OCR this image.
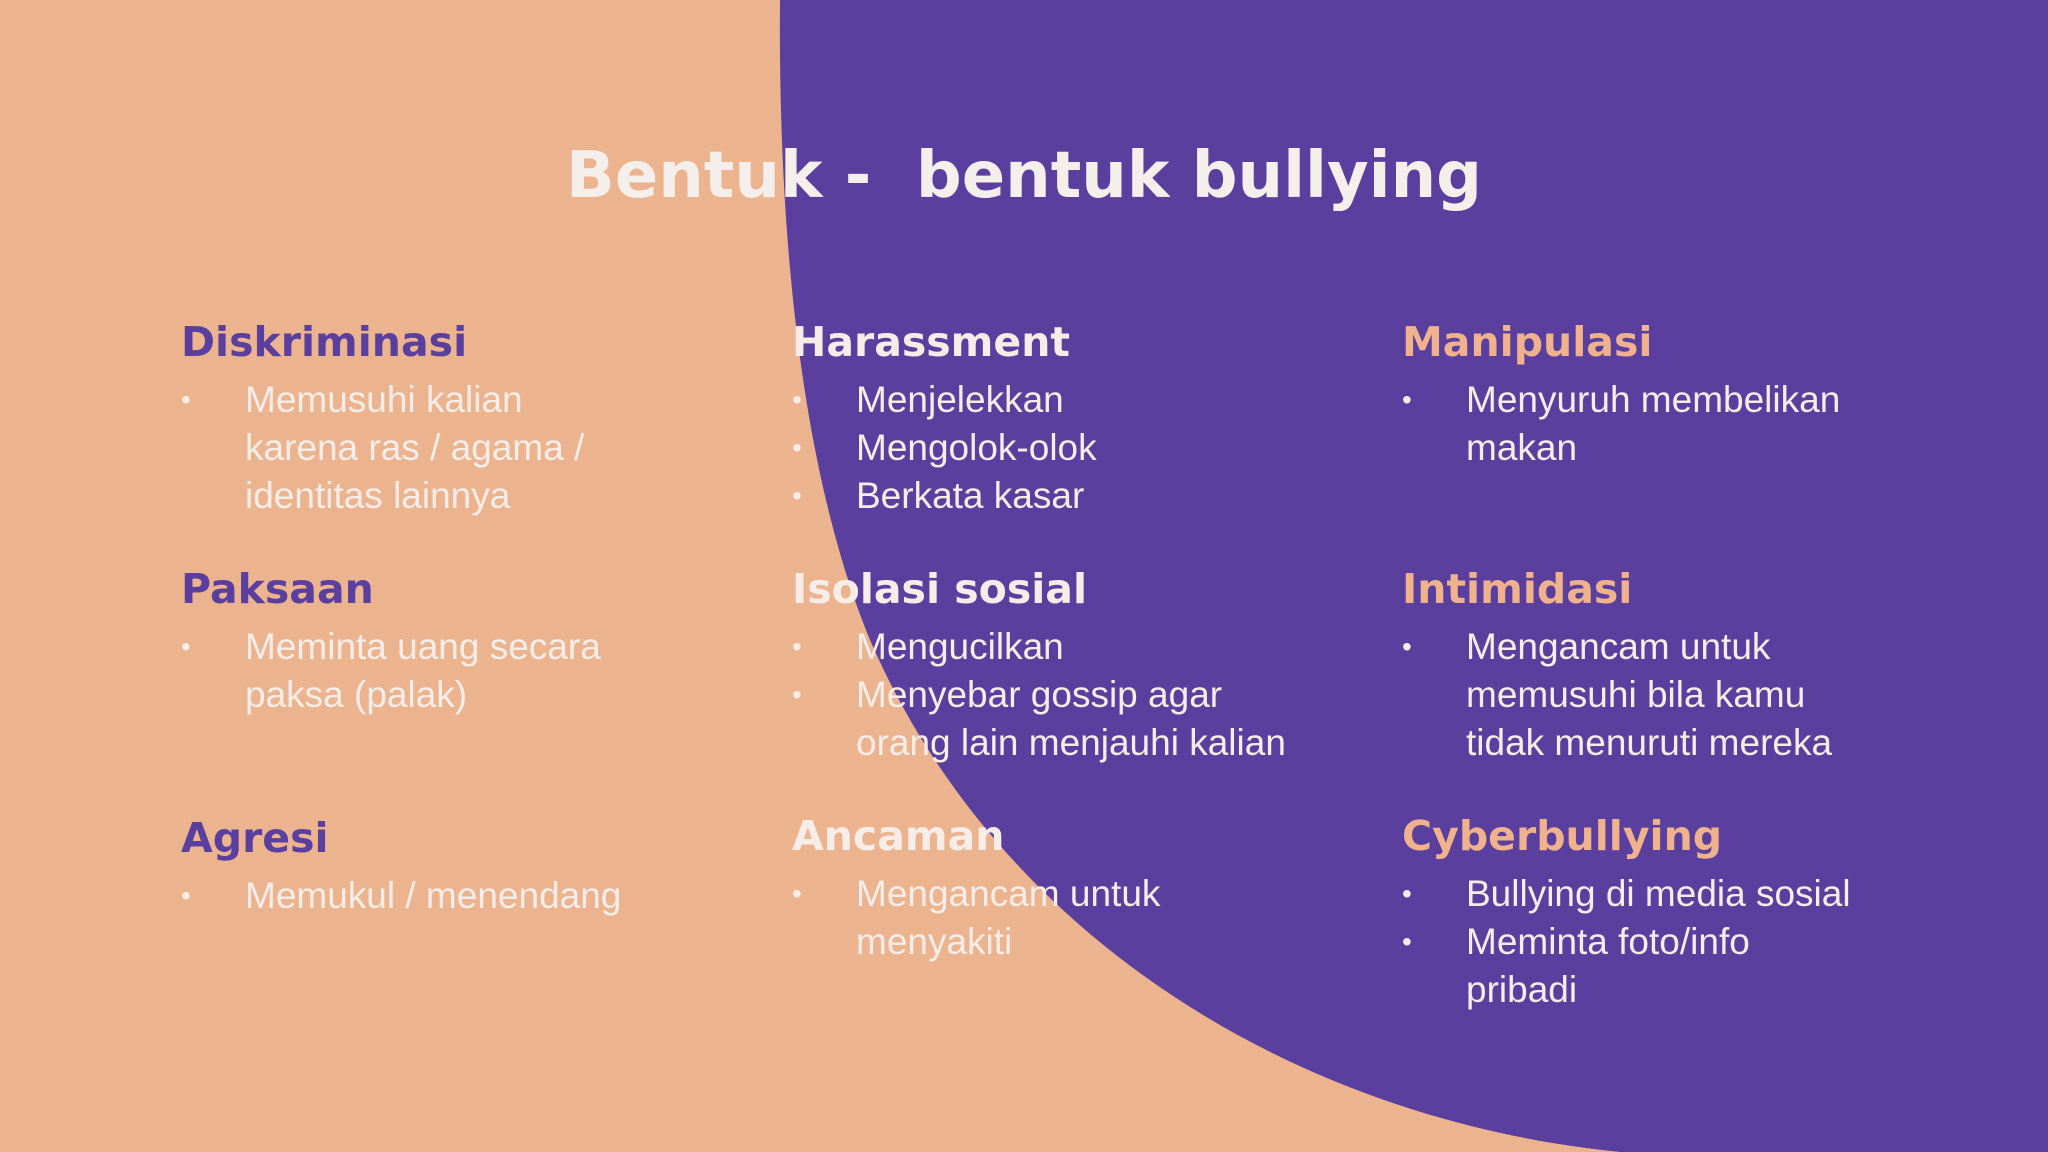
Bentuk -  bentuk bullying
Diskriminasi
• Memusuhi kalian karena ras / agama / identitas lainnya
Harassment
• Menjelekkan
• Mengolok-olok
• Berkata kasar
Manipulasi
• Menyuruh membelikan makan
Paksaan
• Meminta uang secara paksa (palak)
Isolasi sosial
• Mengucilkan
• Menyebar gossip agar orang lain menjauhi kalian
Intimidasi
• Mengancam untuk memusuhi bila kamu tidak menuruti mereka
Agresi
• Memukul / menendang
Ancaman
• Mengancam untuk menyakiti
Cyberbullying
• Bullying di media sosial
• Meminta foto/info pribadi
